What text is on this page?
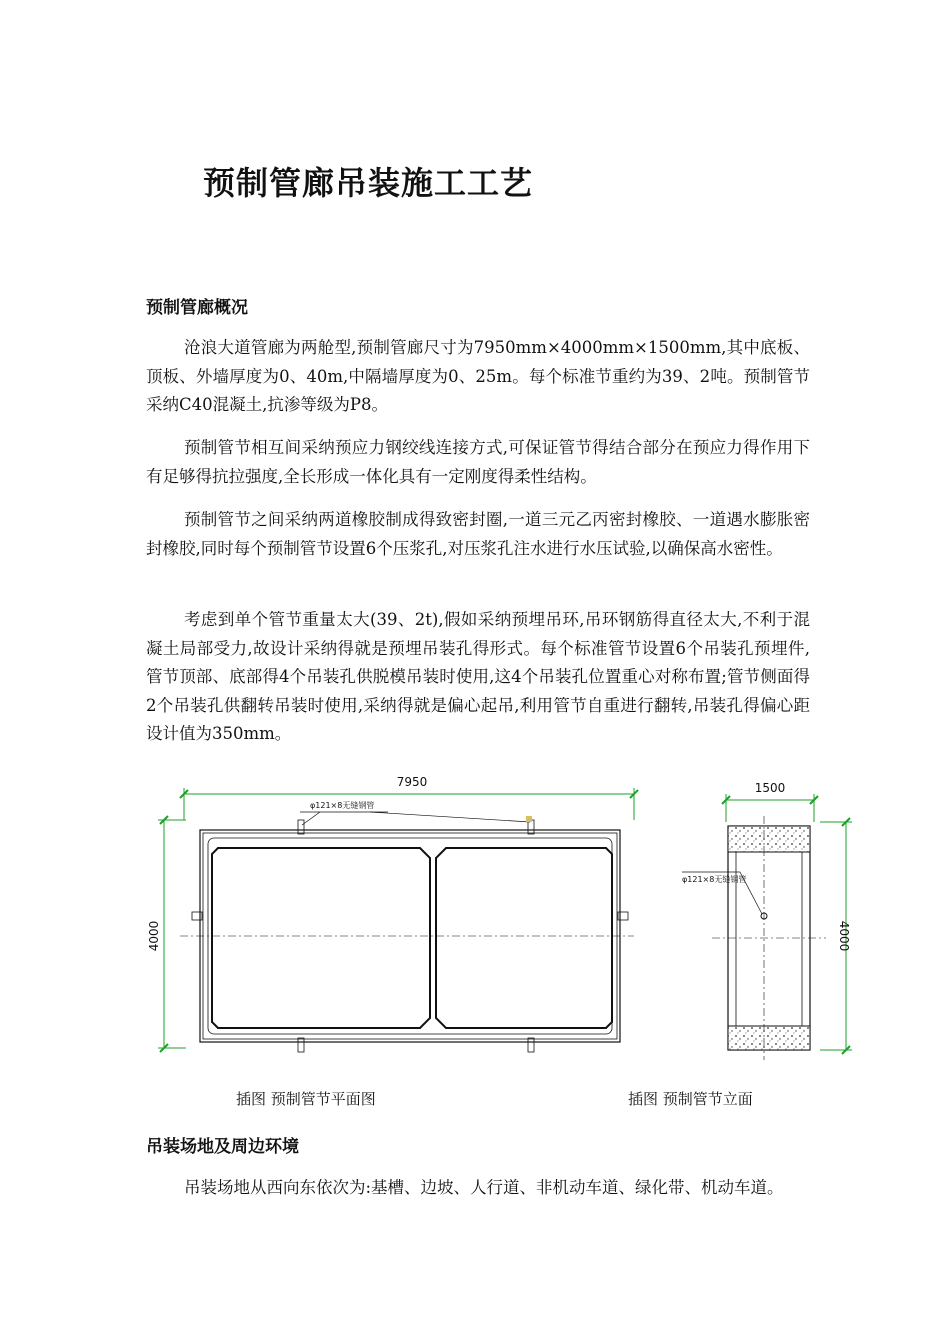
预制管廊吊装施工工艺
预制管廊概况
沧浪大道管廊为两舱型,预制管廊尺寸为7950mm×4000mm×1500mm,其中底板、顶板、外墙厚度为0、40m,中隔墙厚度为0、25m。每个标准节重约为39、2吨。预制管节采纳C40混凝土,抗渗等级为P8。
预制管节相互间采纳预应力钢绞线连接方式,可保证管节得结合部分在预应力得作用下有足够得抗拉强度,全长形成一体化具有一定刚度得柔性结构。
预制管节之间采纳两道橡胶制成得致密封圈,一道三元乙丙密封橡胶、一道遇水膨胀密封橡胶,同时每个预制管节设置6个压浆孔,对压浆孔注水进行水压试验,以确保高水密性。
考虑到单个管节重量太大(39、2t),假如采纳预埋吊环,吊环钢筋得直径太大,不利于混凝土局部受力,故设计采纳得就是预埋吊装孔得形式。每个标准管节设置6个吊装孔预埋件,管节顶部、底部得4个吊装孔供脱模吊装时使用,这4个吊装孔位置重心对称布置;管节侧面得2个吊装孔供翻转吊装时使用,采纳得就是偏心起吊,利用管节自重进行翻转,吊装孔得偏心距设计值为350mm。
7950
4000
φ121×8无缝钢管
1500
4000
φ121×8无缝钢管
插图 预制管节平面图	插图 预制管节立面
吊装场地及周边环境
吊装场地从西向东依次为:基槽、边坡、人行道、非机动车道、绿化带、机动车道。
